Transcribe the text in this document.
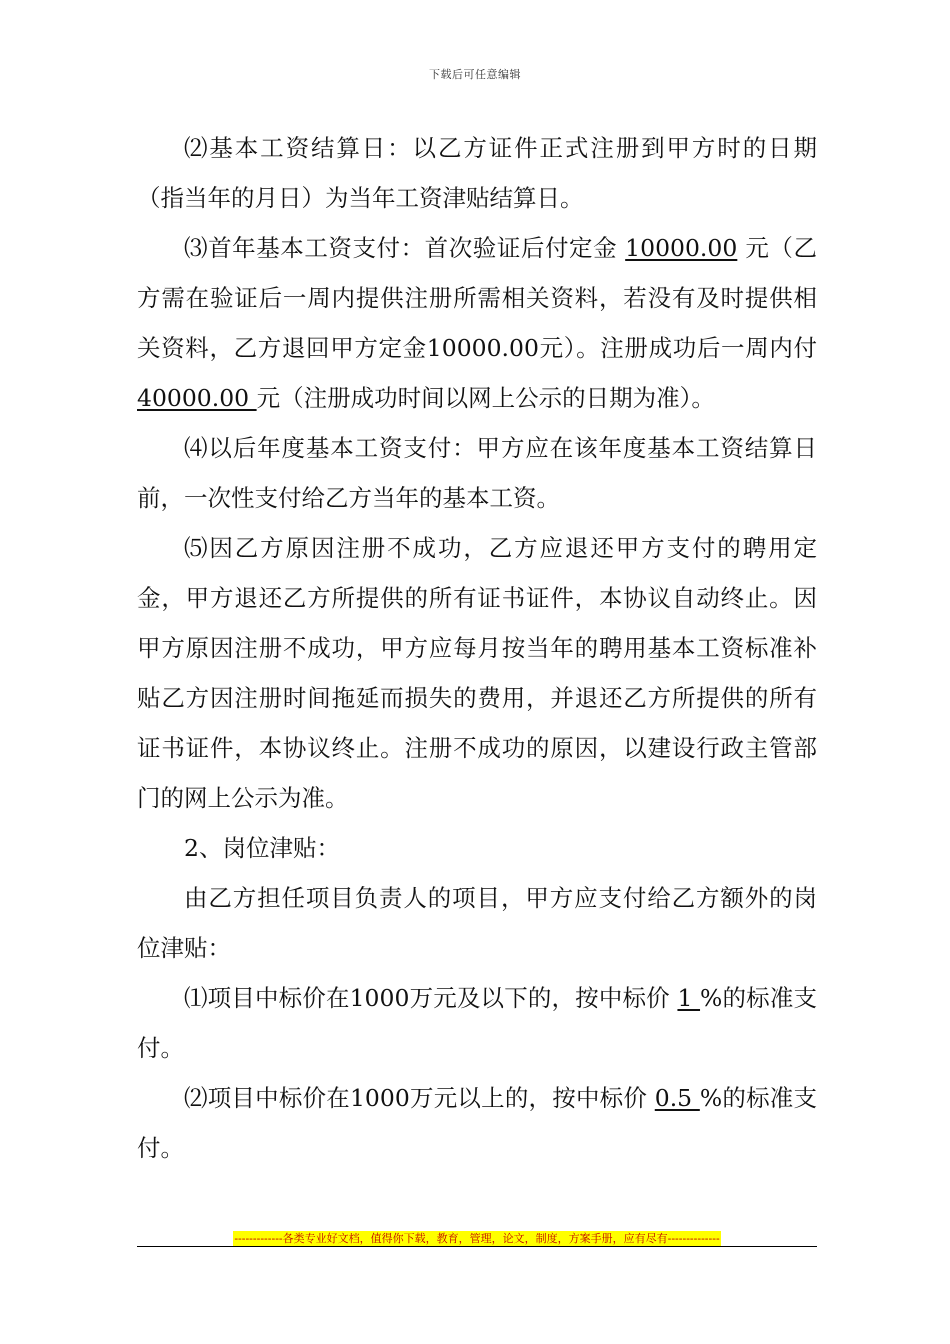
下载后可任意编辑

⑵基本工资结算日：以乙方证件正式注册到甲方时的日期（指当年的月日）为当年工资津贴结算日。

⑶首年基本工资支付：首次验证后付定金 10000.00 元（乙方需在验证后一周内提供注册所需相关资料，若没有及时提供相关资料，乙方退回甲方定金10000.00元）。注册成功后一周内付40000.00 元（注册成功时间以网上公示的日期为准）。

⑷以后年度基本工资支付：甲方应在该年度基本工资结算日前，一次性支付给乙方当年的基本工资。

⑸因乙方原因注册不成功，乙方应退还甲方支付的聘用定金，甲方退还乙方所提供的所有证书证件，本协议自动终止。因甲方原因注册不成功，甲方应每月按当年的聘用基本工资标准补贴乙方因注册时间拖延而损失的费用，并退还乙方所提供的所有证书证件，本协议终止。注册不成功的原因，以建设行政主管部门的网上公示为准。

2、岗位津贴：

由乙方担任项目负责人的项目，甲方应支付给乙方额外的岗位津贴：

⑴项目中标价在1000万元及以下的，按中标价 1 %的标准支付。

⑵项目中标价在1000万元以上的，按中标价 0.5 %的标准支付。

-------------各类专业好文档，值得你下载，教育，管理，论文，制度，方案手册，应有尽有--------------
